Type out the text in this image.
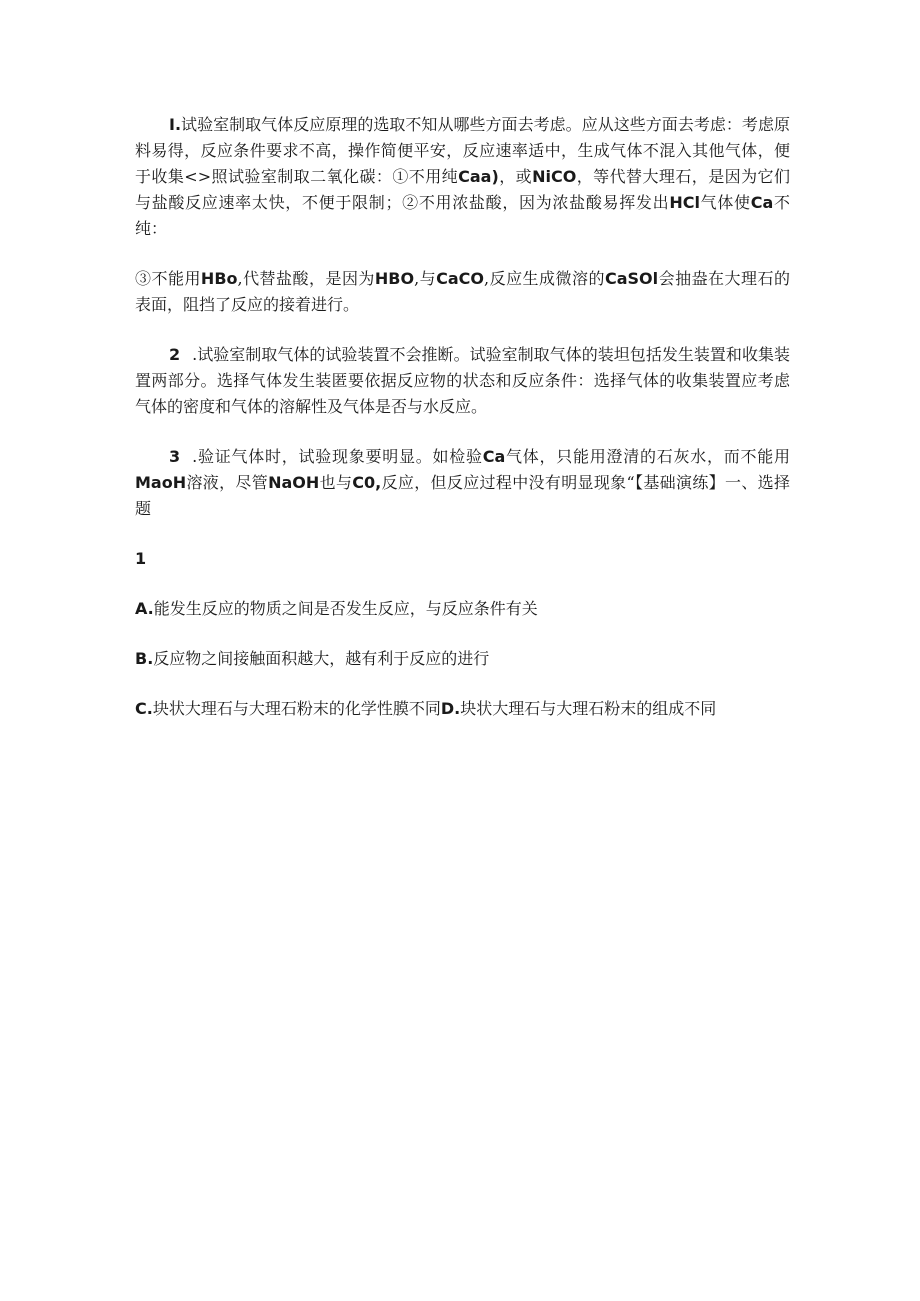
I.试验室制取气体反应原理的选取不知从哪些方面去考虑。应从这些方面去考虑：考虑原料易得，反应条件要求不高，操作简便平安，反应速率适中，生成气体不混入其他气体，便于收集<>照试验室制取二氧化碳：①不用纯Caa)，或NiCO，等代替大理石，是因为它们与盐酸反应速率太快，不便于限制；②不用浓盐酸，因为浓盐酸易挥发出HCl气体使Ca不纯：

③不能用HBo,代替盐酸，是因为HBO,与CaCO,反应生成微溶的CaSOl会抽盎在大理石的表面，阻挡了反应的接着进行。

2 .试验室制取气体的试验装置不会推断。试验室制取气体的装坦包括发生装置和收集装置两部分。选择气体发生装匿要依据反应物的状态和反应条件：选择气体的收集装置应考虑气体的密度和气体的溶解性及气体是否与水反应。

3 .验证气体时，试验现象要明显。如检验Ca气体，只能用澄清的石灰水，而不能用MaoH溶液，尽管NaOH也与C0,反应，但反应过程中没有明显现象“【基础演练】一、选择题

1

A.能发生反应的物质之间是否发生反应，与反应条件有关

B.反应物之间接触面积越大，越有利于反应的进行

C.块状大理石与大理石粉末的化学性膜不同D.块状大理石与大理石粉末的组成不同
